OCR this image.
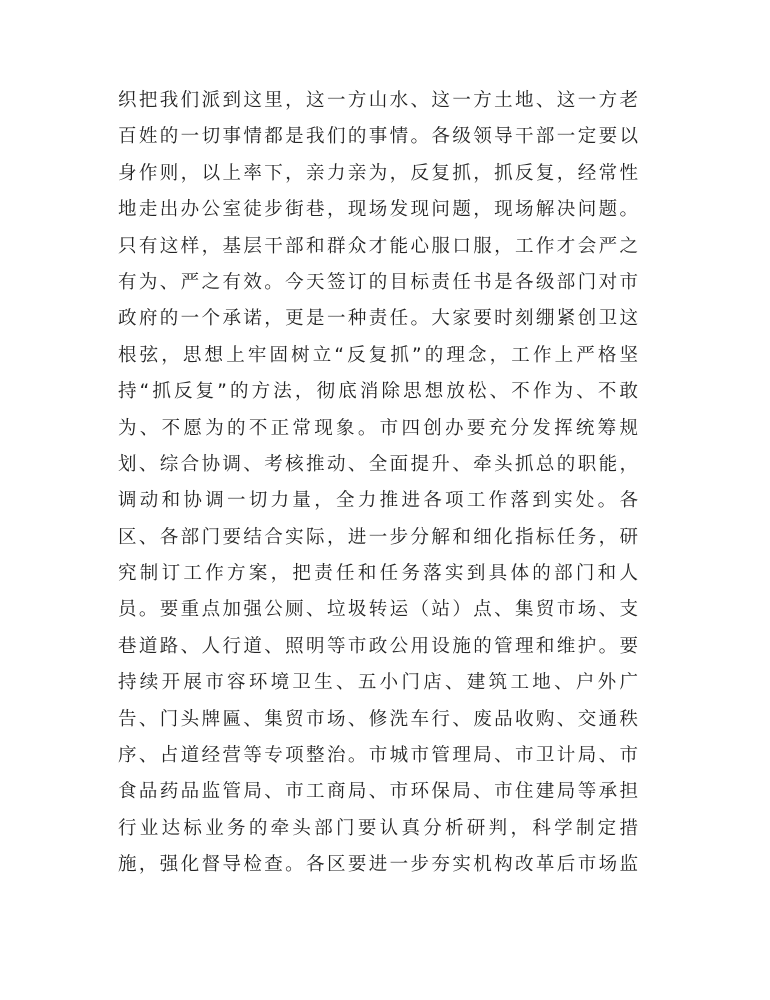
织把我们派到这里，这一方山水、这一方土地、这一方老
百姓的一切事情都是我们的事情。各级领导干部一定要以
身作则，以上率下，亲力亲为，反复抓，抓反复，经常性
地走出办公室徒步街巷，现场发现问题，现场解决问题。
只有这样，基层干部和群众才能心服口服，工作才会严之
有为、严之有效。今天签订的目标责任书是各级部门对市
政府的一个承诺，更是一种责任。大家要时刻绷紧创卫这
根弦，思想上牢固树立“反复抓”的理念，工作上严格坚
持“抓反复”的方法，彻底消除思想放松、不作为、不敢
为、不愿为的不正常现象。市四创办要充分发挥统筹规
划、综合协调、考核推动、全面提升、牵头抓总的职能，
调动和协调一切力量，全力推进各项工作落到实处。各
区、各部门要结合实际，进一步分解和细化指标任务，研
究制订工作方案，把责任和任务落实到具体的部门和人
员。要重点加强公厕、垃圾转运（站）点、集贸市场、支
巷道路、人行道、照明等市政公用设施的管理和维护。要
持续开展市容环境卫生、五小门店、建筑工地、户外广
告、门头牌匾、集贸市场、修洗车行、废品收购、交通秩
序、占道经营等专项整治。市城市管理局、市卫计局、市
食品药品监管局、市工商局、市环保局、市住建局等承担
行业达标业务的牵头部门要认真分析研判，科学制定措
施，强化督导检查。各区要进一步夯实机构改革后市场监
